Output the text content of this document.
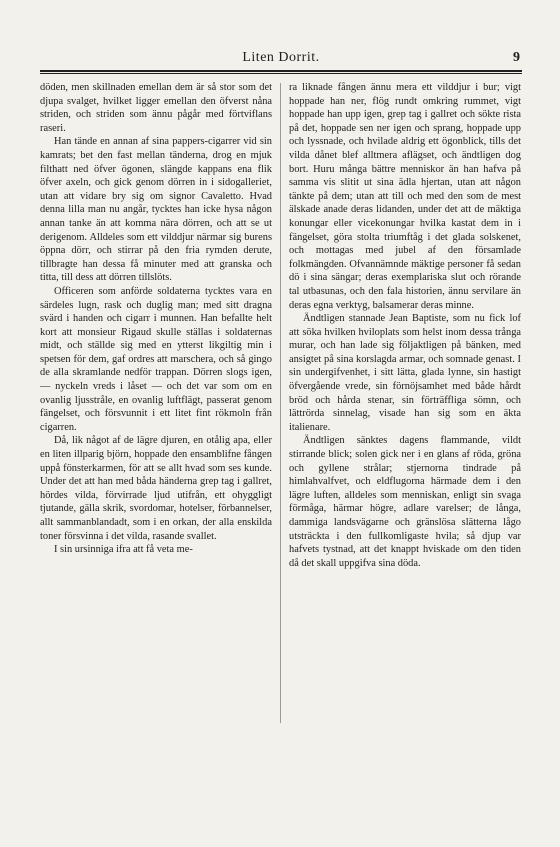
Liten Dorrit.	9

döden, men skillnaden emellan dem är så stor som det djupa svalget, hvilket ligger emellan den öfverst nåna striden, och striden som ännu pågår med förtviflans raseri.

Han tände en annan af sina pappers-cigarrer vid sin kamrats; bet den fast mellan tänderna, drog en mjuk filthatt ned öfver ögonen, slängde kappans ena flik öfver axeln, och gick genom dörren in i sidogalleriet, utan att vidare bry sig om signor Cavaletto. Hvad denna lilla man nu angår, tycktes han icke hysa någon annan tanke än att komma nära dörren, och att se ut derigenom. Alldeles som ett vilddjur närmar sig burens öppna dörr, och stirrar på den fria rymden derute, tillbragte han dessa få minuter med att granska och titta, till dess att dörren tillslöts.

Officeren som anförde soldaterna tycktes vara en särdeles lugn, rask och duglig man; med sitt dragna svärd i handen och cigarr i munnen. Han befallte helt kort att monsieur Rigaud skulle ställas i soldaternas midt, och ställde sig med en ytterst likgiltig min i spetsen för dem, gaf ordres att marschera, och så gingo de alla skramlande nedför trappan. Dörren slogs igen, — nyckeln vreds i låset — och det var som om en ovanlig ljusstråle, en ovanlig luftflägt, passerat genom fängelset, och försvunnit i ett litet fint rökmoln från cigarren.

Då, lik något af de lägre djuren, en otålig apa, eller en liten illparig björn, hoppade den ensamblifne fången uppå fönsterkarmen, för att se allt hvad som ses kunde. Under det att han med båda händerna grep tag i gallret, hördes vilda, förvirrade ljud utifrån, ett ohyggligt tjutande, gälla skrik, svordomar, hotelser, förbannelser, allt sammanblandadt, som i en orkan, der alla enskilda toner försvinna i det vilda, rasande svallet.

I sin ursinniga ifra att få veta me-

ra liknade fången ännu mera ett vilddjur i bur; vigt hoppade han ner, flög rundt omkring rummet, vigt hoppade han upp igen, grep tag i gallret och sökte rista på det, hoppade sen ner igen och sprang, hoppade upp och lyssnade, och hvilade aldrig ett ögonblick, tills det vilda dånet blef alltmera aflägset, och ändtligen dog bort. Huru många bättre menniskor än han hafva på samma vis slitit ut sina ädla hjertan, utan att någon tänkte på dem; utan att till och med den som de mest älskade anade deras lidanden, under det att de mäktiga konungar eller vicekonungar hvilka kastat dem in i fängelset, göra stolta triumftåg i det glada solskenet, och mottagas med jubel af den församlade folkmängden. Ofvannämnde mäktige personer få sedan dö i sina sängar; deras exemplariska slut och rörande tal utbasunas, och den fala historien, ännu servilare än deras egna verktyg, balsamerar deras minne.

Ändtligen stannade Jean Baptiste, som nu fick lof att söka hvilken hviloplats som helst inom dessa trånga murar, och han lade sig följaktligen på bänken, med ansigtet på sina korslagda armar, och somnade genast. I sin undergifvenhet, i sitt lätta, glada lynne, sin hastigt öfvergående vrede, sin förnöjsamhet med både hårdt bröd och hårda stenar, sin förträffliga sömn, och lättrörda sinnelag, visade han sig som en äkta italienare.

Ändtligen sänktes dagens flammande, vildt stirrande blick; solen gick ner i en glans af röda, gröna och gyllene strålar; stjernorna tindrade på himlahvalfvet, och eldflugorna härmade dem i den lägre luften, alldeles som menniskan, enligt sin svaga förmåga, härmar högre, adlare varelser; de långa, dammiga landsvägarne och gränslösa slätterna lågo utsträckta i den fullkomligaste hvila; så djup var hafvets tystnad, att det knappt hviskade om den tiden då det skall uppgifva sina döda.
